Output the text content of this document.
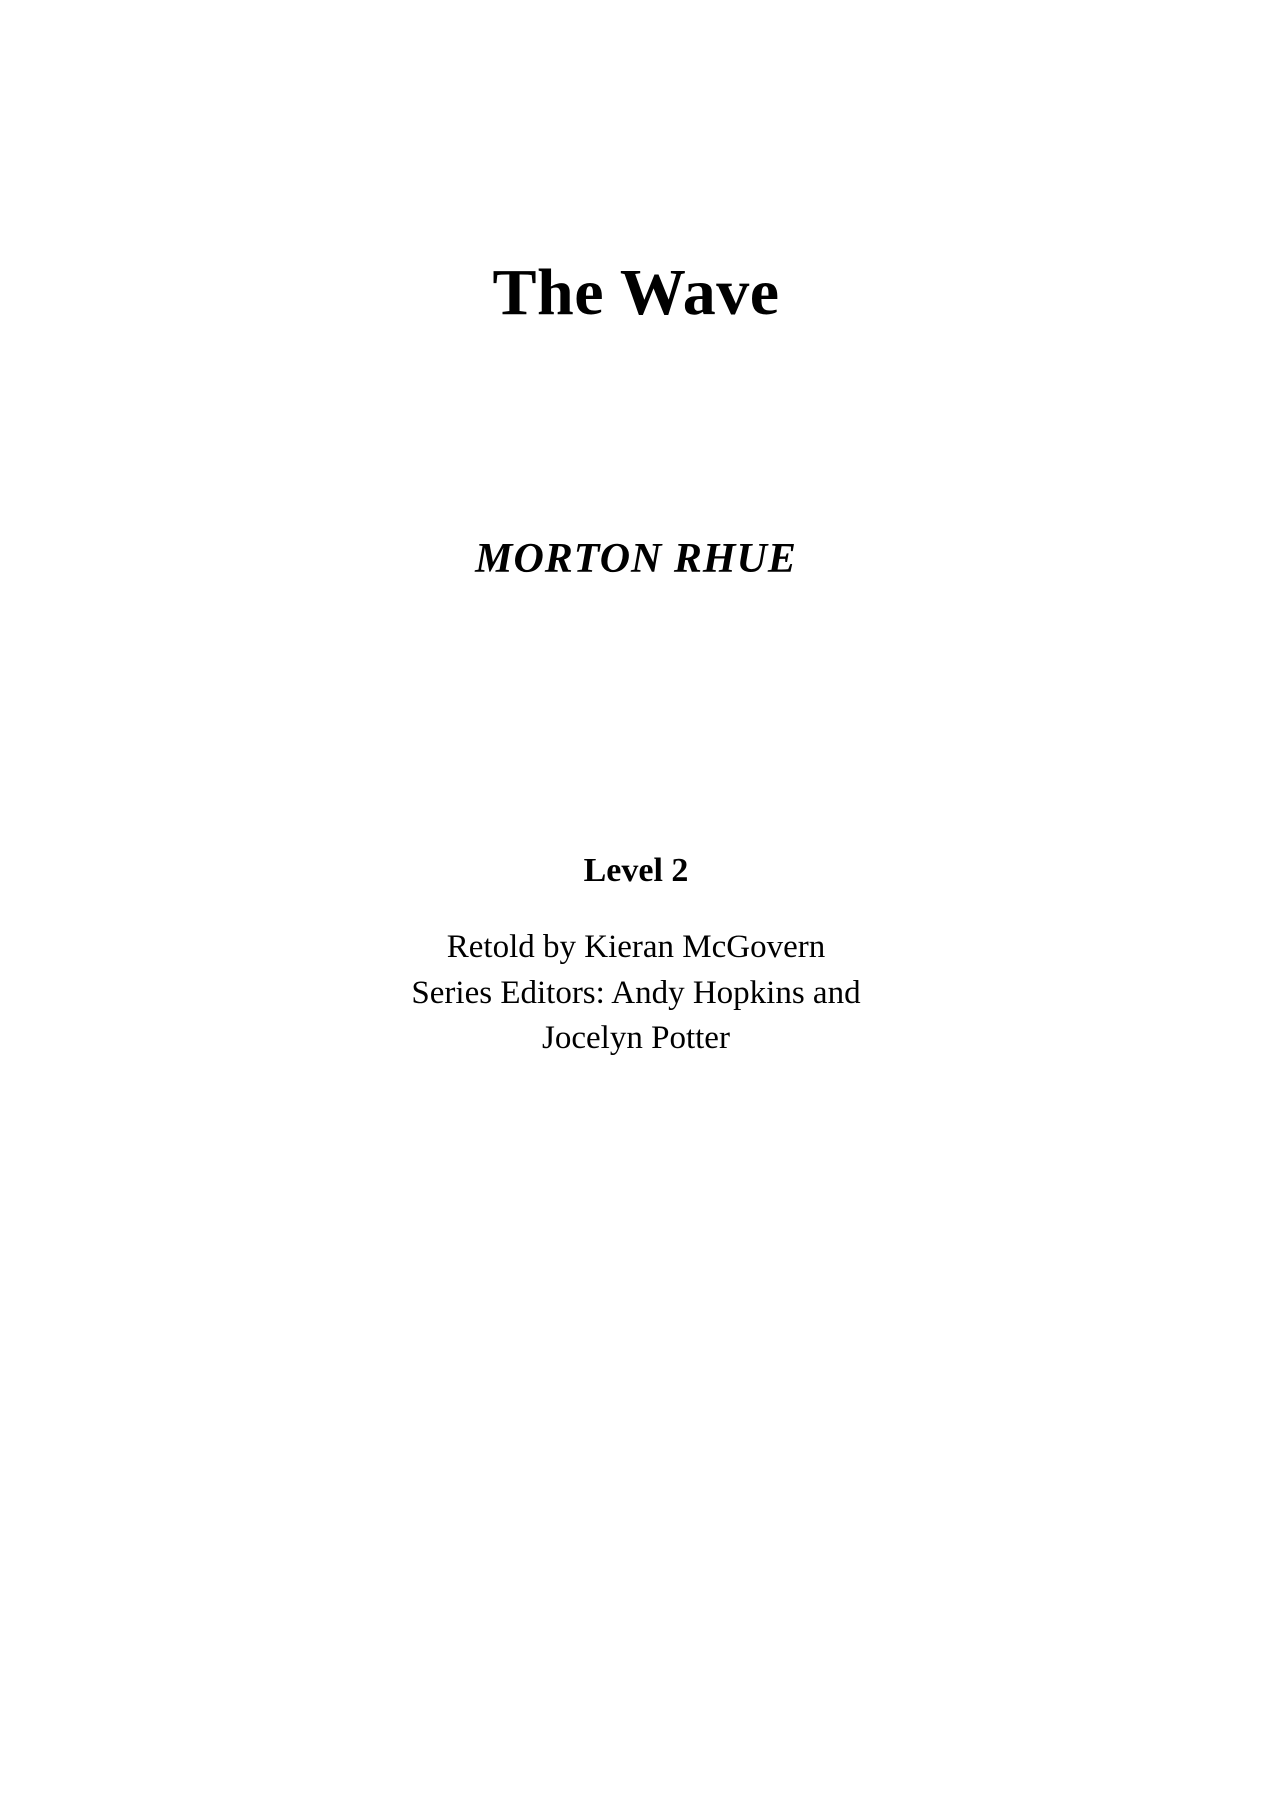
The Wave
MORTON RHUE
Level 2
Retold by Kieran McGovern
Series Editors: Andy Hopkins and
Jocelyn Potter
